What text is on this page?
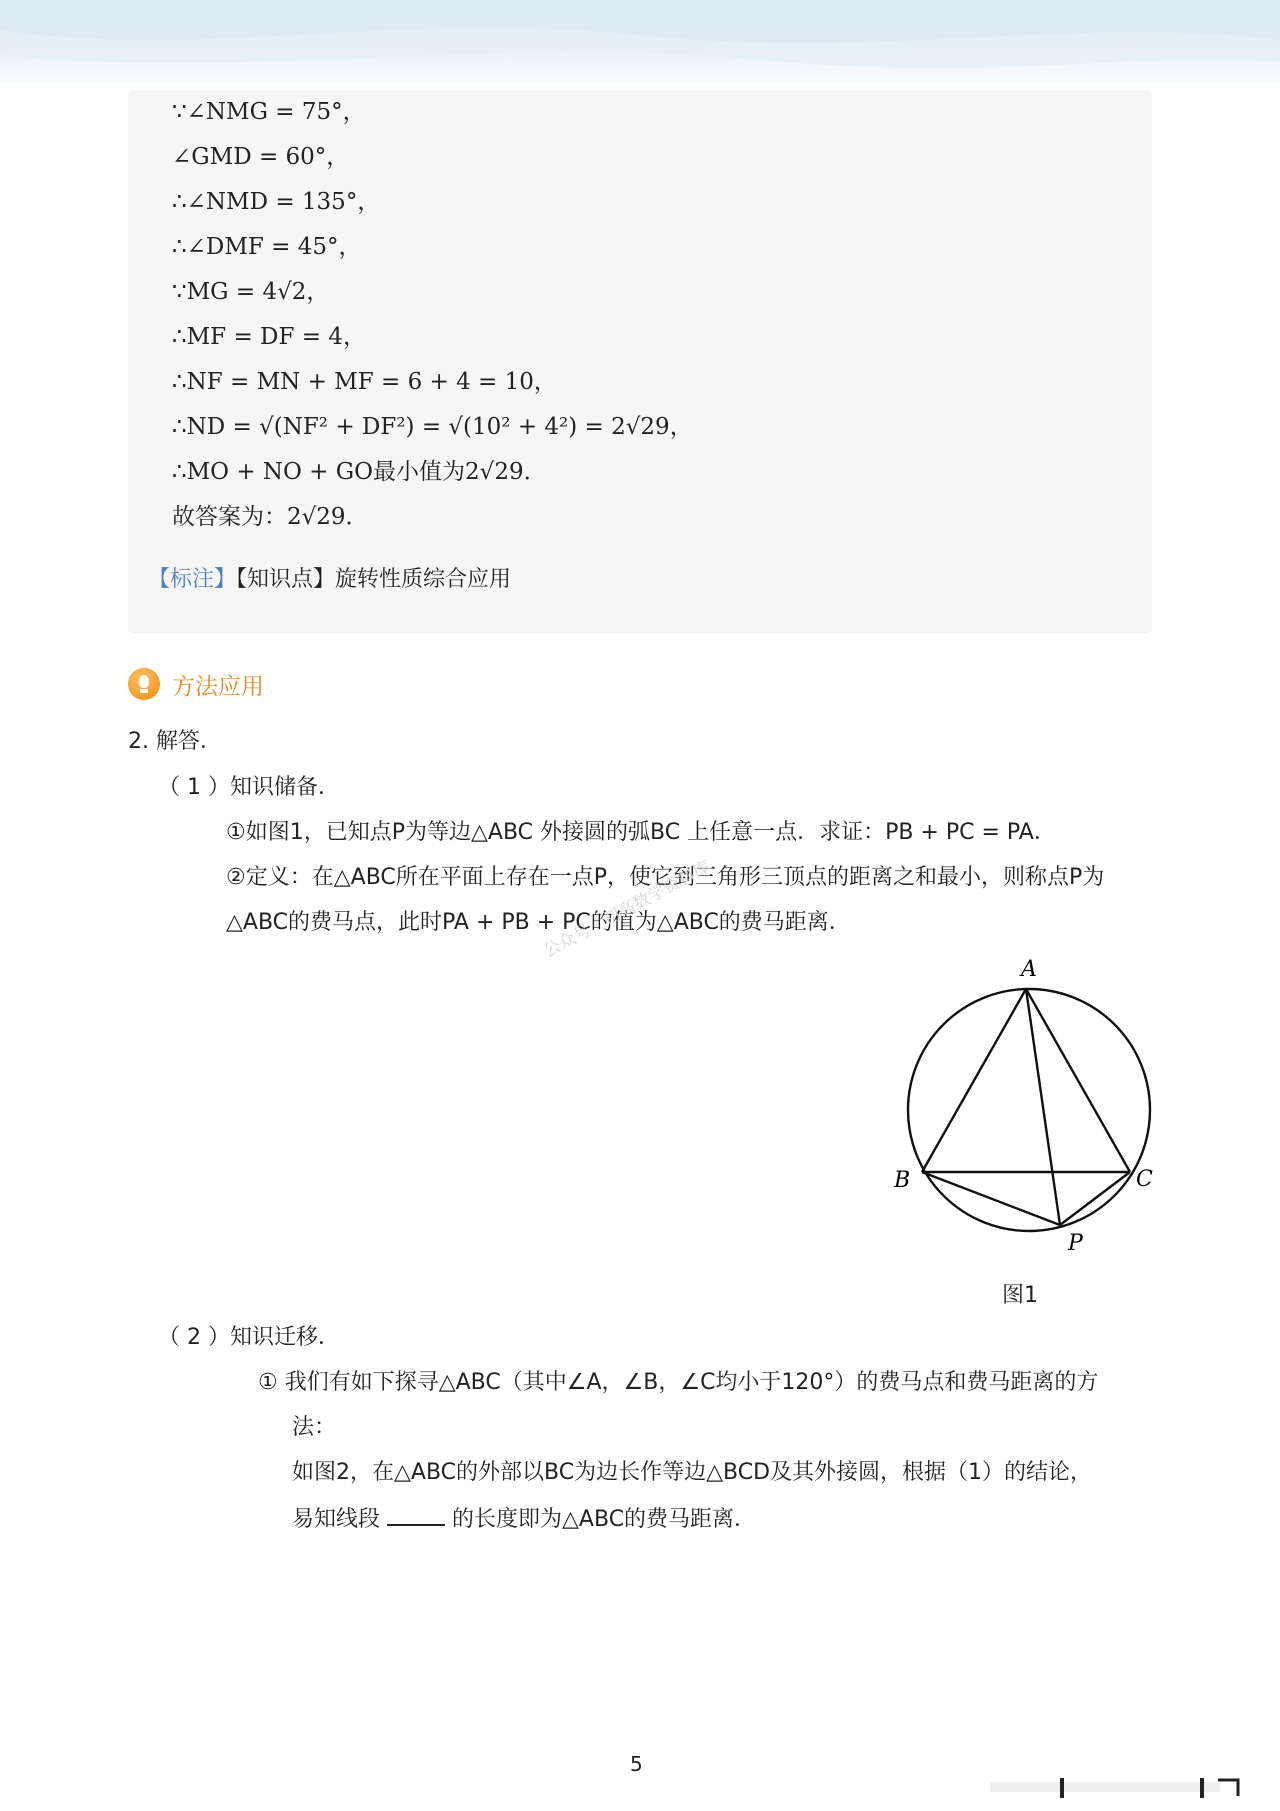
∵∠NMG = 75°，
∠GMD = 60°，
∴∠NMD = 135°，
∴∠DMF = 45°，
∵MG = 4√2，
∴MF = DF = 4，
∴NF = MN + MF = 6 + 4 = 10，
∴ND = √(NF² + DF²) = √(10² + 4²) = 2√29，
∴MO + NO + GO最小值为2√29．
故答案为：2√29．
【标注】【知识点】旋转性质综合应用
方法应用
2. 解答．
（ 1 ）知识储备．
①如图1，已知点P为等边△ABC 外接圆的弧BC 上任意一点．求证：PB + PC = PA．
②定义：在△ABC所在平面上存在一点P，使它到三角形三顶点的距离之和最小，则称点P为
△ABC的费马点，此时PA + PB + PC的值为△ABC的费马距离．
公众号 · 初高数学资料库
A
B	C
P
图1
（ 2 ）知识迁移．
① 我们有如下探寻△ABC（其中∠A，∠B，∠C均小于120°）的费马点和费马距离的方
法：
如图2，在△ABC的外部以BC为边长作等边△BCD及其外接圆，根据（1）的结论，
易知线段	的长度即为△ABC的费马距离．
5
